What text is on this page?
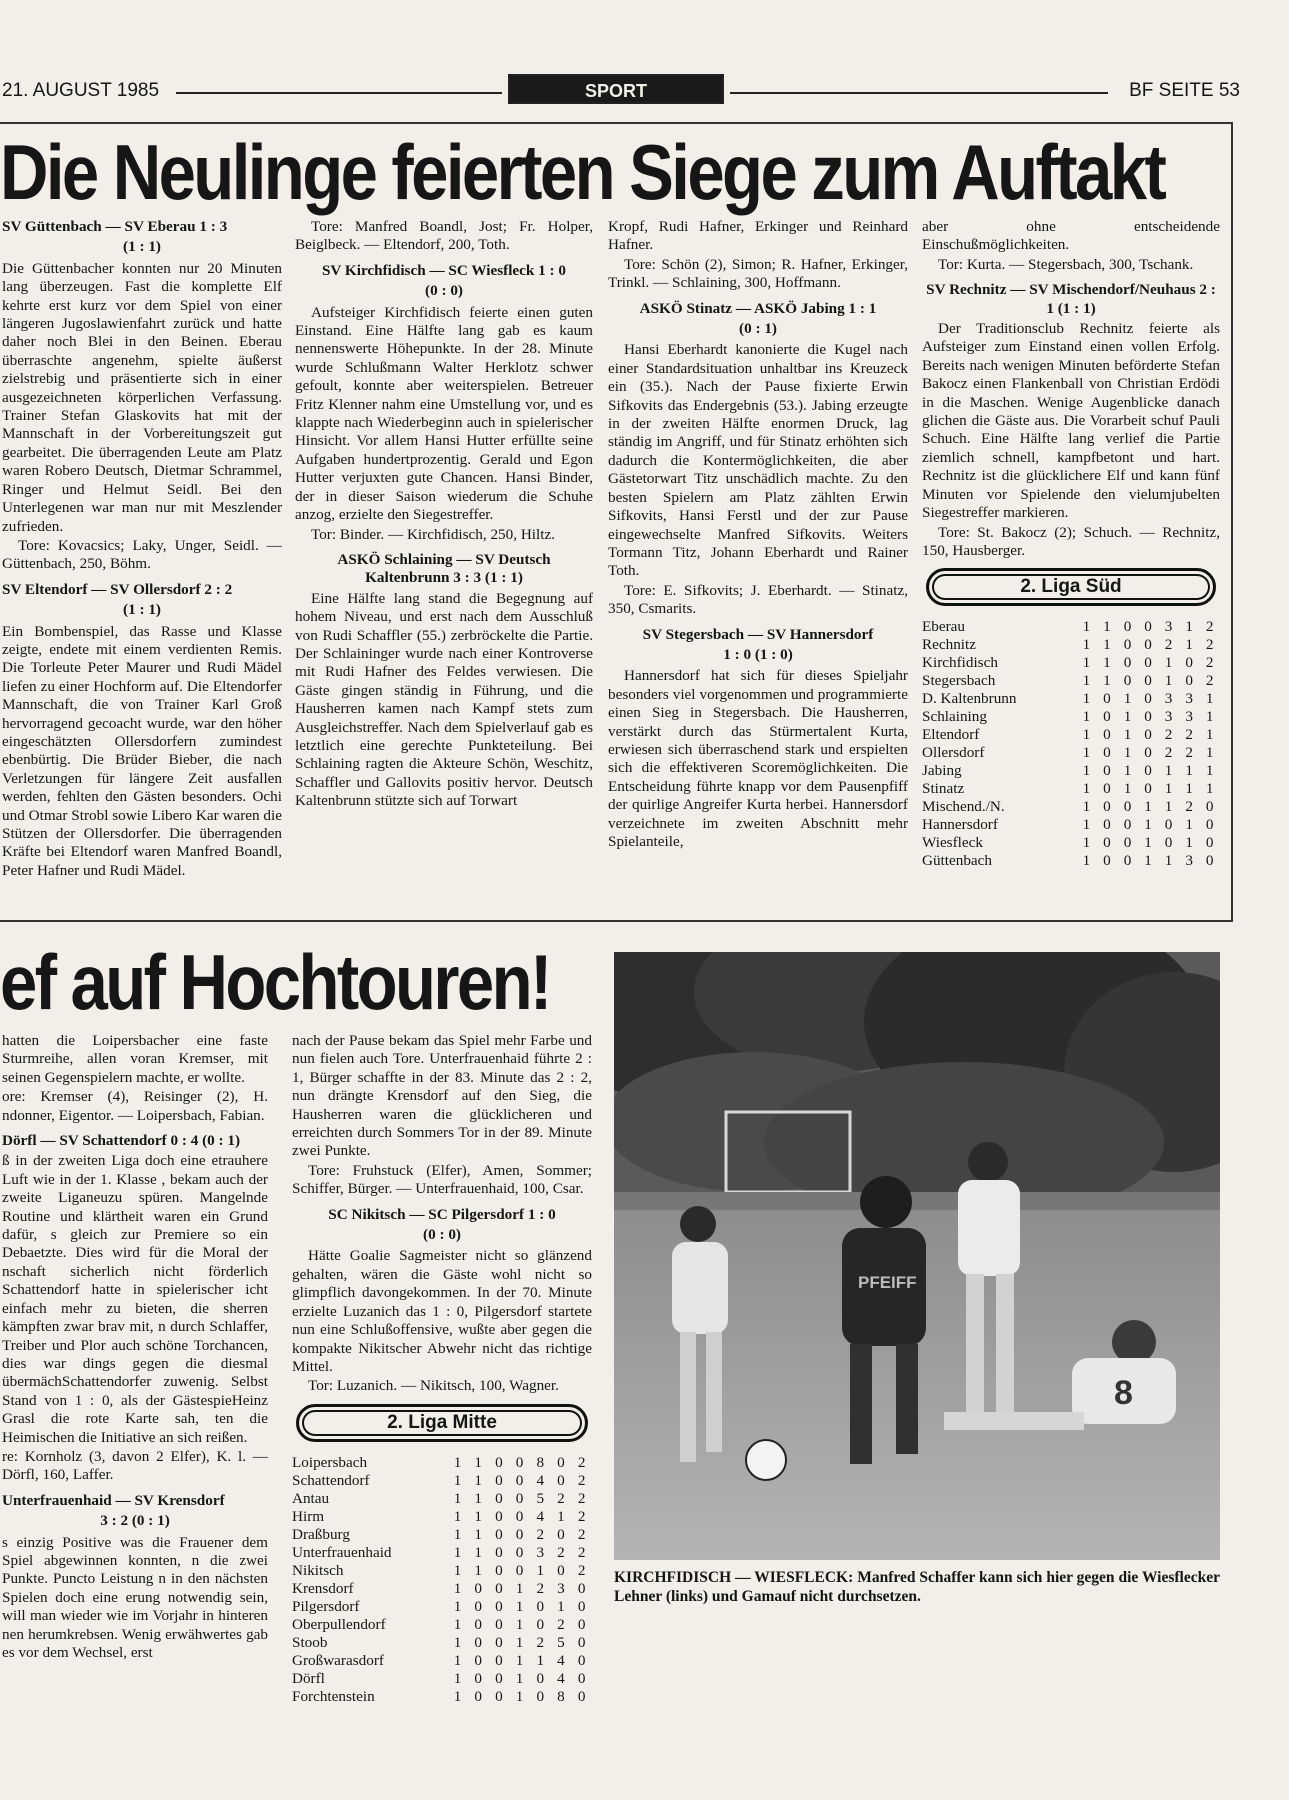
21. AUGUST 1985	SPORT	BF SEITE 53
Die Neulinge feierten Siege zum Auftakt
SV Güttenbach — SV Eberau 1 : 3
(1 : 1)

Die Güttenbacher konnten nur 20 Minuten lang überzeugen. Fast die komplette Elf kehrte erst kurz vor dem Spiel von einer längeren Jugoslawienfahrt zurück und hatte daher noch Blei in den Beinen. Eberau überraschte angenehm, spielte äußerst zielstrebig und präsentierte sich in einer ausgezeichneten körperlichen Verfassung. Trainer Stefan Glaskovits hat mit der Mannschaft in der Vorbereitungszeit gut gearbeitet. Die überragenden Leute am Platz waren Robero Deutsch, Dietmar Schrammel, Ringer und Helmut Seidl. Bei den Unterlegenen war man nur mit Meszlender zufrieden.

Tore: Kovacsics; Laky, Unger, Seidl. — Güttenbach, 250, Böhm.

SV Eltendorf — SV Ollersdorf 2 : 2
(1 : 1)

Ein Bombenspiel, das Rasse und Klasse zeigte, endete mit einem verdienten Remis. Die Torleute Peter Maurer und Rudi Mädel liefen zu einer Hochform auf. Die Eltendorfer Mannschaft, die von Trainer Karl Groß hervorragend gecoacht wurde, war den höher eingeschätzten Ollersdorfern zumindest ebenbürtig. Die Brüder Bieber, die nach Verletzungen für längere Zeit ausfallen werden, fehlten den Gästen besonders. Ochi und Otmar Strobl sowie Libero Kar waren die Stützen der Ollersdorfer. Die überragenden Kräfte bei Eltendorf waren Manfred Boandl, Peter Hafner und Rudi Mädel.

Tore: Manfred Boandl, Jost; Fr. Holper, Beiglbeck. — Eltendorf, 200, Toth.

SV Kirchfidisch — SC Wiesfleck 1 : 0
(0 : 0)

Aufsteiger Kirchfidisch feierte einen guten Einstand. Eine Hälfte lang gab es kaum nennenswerte Höhepunkte. In der 28. Minute wurde Schlußmann Walter Herklotz schwer gefoult, konnte aber weiterspielen. Betreuer Fritz Klenner nahm eine Umstellung vor, und es klappte nach Wiederbeginn auch in spielerischer Hinsicht. Vor allem Hansi Hutter erfüllte seine Aufgaben hundertprozentig. Gerald und Egon Hutter verjuxten gute Chancen. Hansi Binder, der in dieser Saison wiederum die Schuhe anzog, erzielte den Siegestreffer.

Tor: Binder. — Kirchfidisch, 250, Hiltz.

ASKÖ Schlaining — SV Deutsch Kaltenbrunn 3 : 3 (1 : 1)

Eine Hälfte lang stand die Begegnung auf hohem Niveau, und erst nach dem Ausschluß von Rudi Schaffler (55.) zerbröckelte die Partie. Der Schlaininger wurde nach einer Kontroverse mit Rudi Hafner des Feldes verwiesen. Die Gäste gingen ständig in Führung, und die Hausherren kamen nach Kampf stets zum Ausgleichstreffer. Nach dem Spielverlauf gab es letztlich eine gerechte Punkteteilung. Bei Schlaining ragten die Akteure Schön, Weschitz, Schaffler und Gallovits positiv hervor. Deutsch Kaltenbrunn stützte sich auf Torwart

Kropf, Rudi Hafner, Erkinger und Reinhard Hafner.

Tore: Schön (2), Simon; R. Hafner, Erkinger, Trinkl. — Schlaining, 300, Hoffmann.

ASKÖ Stinatz — ASKÖ Jabing 1 : 1
(0 : 1)

Hansi Eberhardt kanonierte die Kugel nach einer Standardsituation unhaltbar ins Kreuzeck ein (35.). Nach der Pause fixierte Erwin Sifkovits das Endergebnis (53.). Jabing erzeugte in der zweiten Hälfte enormen Druck, lag ständig im Angriff, und für Stinatz erhöhten sich dadurch die Kontermöglichkeiten, die aber Gästetorwart Titz unschädlich machte. Zu den besten Spielern am Platz zählten Erwin Sifkovits, Hansi Ferstl und der zur Pause eingewechselte Manfred Sifkovits. Weiters Tormann Titz, Johann Eberhardt und Rainer Toth.

Tore: E. Sifkovits; J. Eberhardt. — Stinatz, 350, Csmarits.

SV Stegersbach — SV Hannersdorf
1 : 0 (1 : 0)

Hannersdorf hat sich für dieses Spieljahr besonders viel vorgenommen und programmierte einen Sieg in Stegersbach. Die Hausherren, verstärkt durch das Stürmertalent Kurta, erwiesen sich überraschend stark und erspielten sich die effektiveren Scoremöglichkeiten. Die Entscheidung führte knapp vor dem Pausenpfiff der quirlige Angreifer Kurta herbei. Hannersdorf verzeichnete im zweiten Abschnitt mehr Spielanteile,

aber ohne entscheidende Einschußmöglichkeiten.

Tor: Kurta. — Stegersbach, 300, Tschank.

SV Rechnitz — SV Mischendorf/Neuhaus 2 : 1 (1 : 1)

Der Traditionsclub Rechnitz feierte als Aufsteiger zum Einstand einen vollen Erfolg. Bereits nach wenigen Minuten beförderte Stefan Bakocz einen Flankenball von Christian Erdödi in die Maschen. Wenige Augenblicke danach glichen die Gäste aus. Die Vorarbeit schuf Pauli Schuch. Eine Hälfte lang verlief die Partie ziemlich schnell, kampfbetont und hart. Rechnitz ist die glücklichere Elf und kann fünf Minuten vor Spielende den vielumjubelten Siegestreffer markieren.

Tore: St. Bakocz (2); Schuch. — Rechnitz, 150, Hausberger.

2. Liga Süd
Eberau	1	1	0	0	3	1	2
Rechnitz	1	1	0	0	2	1	2
Kirchfidisch	1	1	0	0	1	0	2
Stegersbach	1	1	0	0	1	0	2
D. Kaltenbrunn	1	0	1	0	3	3	1
Schlaining	1	0	1	0	3	3	1
Eltendorf	1	0	1	0	2	2	1
Ollersdorf	1	0	1	0	2	2	1
Jabing	1	0	1	0	1	1	1
Stinatz	1	0	1	0	1	1	1
Mischend./N.	1	0	0	1	1	2	0
Hannersdorf	1	0	0	1	0	1	0
Wiesfleck	1	0	0	1	0	1	0
Güttenbach	1	0	0	1	1	3	0
ef auf Hochtouren!

hatten die Loipersbacher eine faste Sturmreihe, allen voran Kremser, mit seinen Gegenspielern machte, er wollte.

ore: Kremser (4), Reisinger (2), H. ndonner, Eigentor. — Loipersbach, Fabian.

Dörfl — SV Schattendorf 0 : 4 (0 : 1)

ß in der zweiten Liga doch eine etrauhere Luft wie in der 1. Klasse , bekam auch der zweite Liganeuzu spüren. Mangelnde Routine und klärtheit waren ein Grund dafür, s gleich zur Premiere so ein Debaetzte. Dies wird für die Moral der nschaft sicherlich nicht förderlich Schattendorf hatte in spielerischer icht einfach mehr zu bieten, die sherren kämpften zwar brav mit, n durch Schlaffer, Treiber und Plor auch schöne Torchancen, dies war dings gegen die diesmal übermächSchattendorfer zuwenig. Selbst Stand von 1 : 0, als der GästespieHeinz Grasl die rote Karte sah, ten die Heimischen die Initiative an sich reißen.

re: Kornholz (3, davon 2 Elfer), K. l. — Dörfl, 160, Laffer.

Unterfrauenhaid — SV Krensdorf
3 : 2 (0 : 1)

s einzig Positive was die Frauener dem Spiel abgewinnen konnten, n die zwei Punkte. Puncto Leistung n in den nächsten Spielen doch eine erung notwendig sein, will man wieder wie im Vorjahr in hinteren nen herumkrebsen. Wenig erwähwertes gab es vor dem Wechsel, erst

nach der Pause bekam das Spiel mehr Farbe und nun fielen auch Tore. Unterfrauenhaid führte 2 : 1, Bürger schaffte in der 83. Minute das 2 : 2, nun drängte Krensdorf auf den Sieg, die Hausherren waren die glücklicheren und erreichten durch Sommers Tor in der 89. Minute zwei Punkte.

Tore: Fruhstuck (Elfer), Amen, Sommer; Schiffer, Bürger. — Unterfrauenhaid, 100, Csar.

SC Nikitsch — SC Pilgersdorf 1 : 0
(0 : 0)

Hätte Goalie Sagmeister nicht so glänzend gehalten, wären die Gäste wohl nicht so glimpflich davongekommen. In der 70. Minute erzielte Luzanich das 1 : 0, Pilgersdorf startete nun eine Schlußoffensive, wußte aber gegen die kompakte Nikitscher Abwehr nicht das richtige Mittel.

Tor: Luzanich. — Nikitsch, 100, Wagner.

2. Liga Mitte
Loipersbach	1	1	0	0	8	0	2
Schattendorf	1	1	0	0	4	0	2
Antau	1	1	0	0	5	2	2
Hirm	1	1	0	0	4	1	2
Draßburg	1	1	0	0	2	0	2
Unterfrauenhaid	1	1	0	0	3	2	2
Nikitsch	1	1	0	0	1	0	2
Krensdorf	1	0	0	1	2	3	0
Pilgersdorf	1	0	0	1	0	1	0
Oberpullendorf	1	0	0	1	0	2	0
Stoob	1	0	0	1	2	5	0
Großwarasdorf	1	0	0	1	1	4	0
Dörfl	1	0	0	1	0	4	0
Forchtenstein	1	0	0	1	0	8	0
PFEIFF
8
KIRCHFIDISCH — WIESFLECK: Manfred Schaffer kann sich hier gegen die Wiesflecker Lehner (links) und Gamauf nicht durchsetzen.
